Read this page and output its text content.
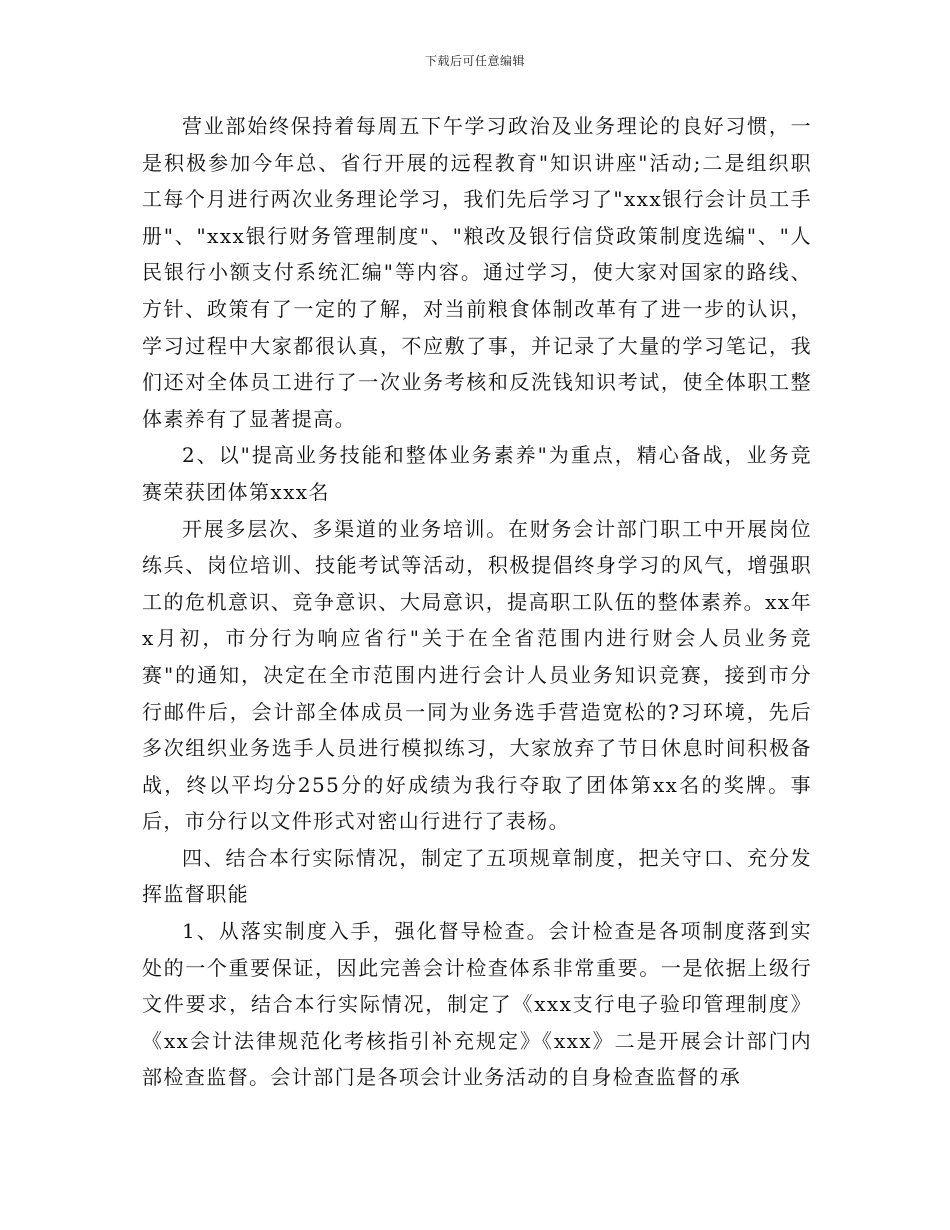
下载后可任意编辑

营业部始终保持着每周五下午学习政治及业务理论的良好习惯，一是积极参加今年总、省行开展的远程教育"知识讲座"活动;二是组织职工每个月进行两次业务理论学习，我们先后学习了"xxx银行会计员工手册"、"xxx银行财务管理制度"、"粮改及银行信贷政策制度选编"、"人民银行小额支付系统汇编"等内容。通过学习，使大家对国家的路线、方针、政策有了一定的了解，对当前粮食体制改革有了进一步的认识，学习过程中大家都很认真，不应敷了事，并记录了大量的学习笔记，我们还对全体员工进行了一次业务考核和反洗钱知识考试，使全体职工整体素养有了显著提高。

2、以"提高业务技能和整体业务素养"为重点，精心备战，业务竞赛荣获团体第xxx名

开展多层次、多渠道的业务培训。在财务会计部门职工中开展岗位练兵、岗位培训、技能考试等活动，积极提倡终身学习的风气，增强职工的危机意识、竞争意识、大局意识，提高职工队伍的整体素养。xx年x月初，市分行为响应省行"关于在全省范围内进行财会人员业务竞赛"的通知，决定在全市范围内进行会计人员业务知识竞赛，接到市分行邮件后，会计部全体成员一同为业务选手营造宽松的?习环境，先后多次组织业务选手人员进行模拟练习，大家放弃了节日休息时间积极备战，终以平均分255分的好成绩为我行夺取了团体第xx名的奖牌。事后，市分行以文件形式对密山行进行了表杨。

四、结合本行实际情况，制定了五项规章制度，把关守口、充分发挥监督职能

1、从落实制度入手，强化督导检查。会计检查是各项制度落到实处的一个重要保证，因此完善会计检查体系非常重要。一是依据上级行文件要求，结合本行实际情况，制定了《xxx支行电子验印管理制度》《xx会计法律规范化考核指引补充规定》《xxx》二是开展会计部门内部检查监督。会计部门是各项会计业务活动的自身检查监督的承
